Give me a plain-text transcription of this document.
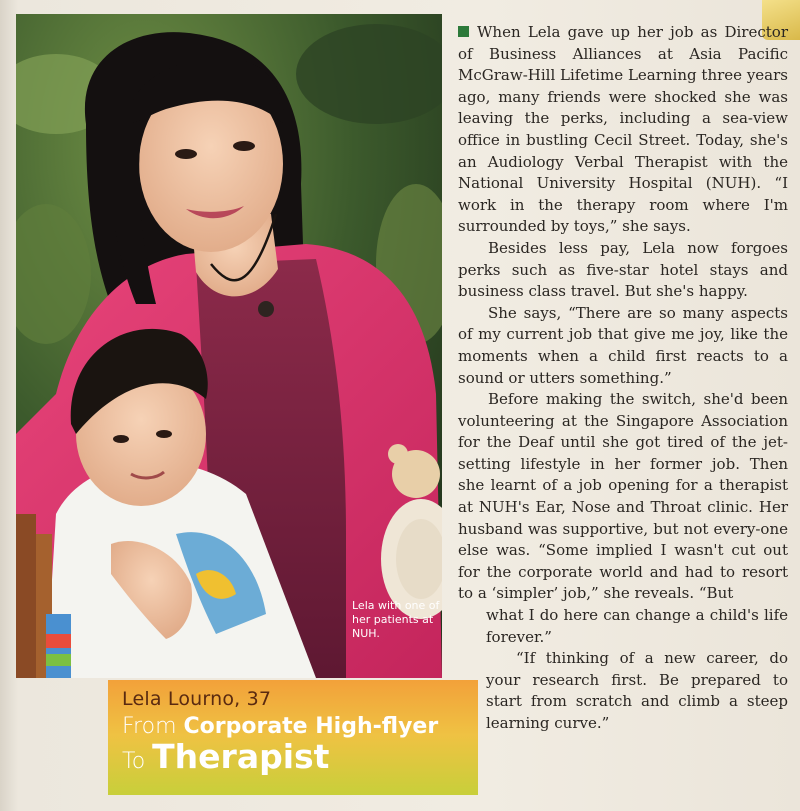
Lela with one of her patients at NUH.
Lela Lourno, 37
From Corporate High-flyer
To Therapist

When Lela gave up her job as Director of Business Alliances at Asia Pacific McGraw-Hill Lifetime Learning three years ago, many friends were shocked she was leaving the perks, including a sea-view office in bustling Cecil Street. Today, she's an Audiology Verbal Therapist with the National University Hospital (NUH). “I work in the therapy room where I'm surrounded by toys,” she says.

Besides less pay, Lela now forgoes perks such as five-star hotel stays and business class travel. But she's happy.

She says, “There are so many aspects of my current job that give me joy, like the moments when a child first reacts to a sound or utters something.”

Before making the switch, she'd been volunteering at the Singapore Association for the Deaf until she got tired of the jet-setting lifestyle in her former job. Then she learnt of a job opening for a therapist at NUH's Ear, Nose and Throat clinic. Her husband was supportive, but not every-one else was. “Some implied I wasn't cut out for the corporate world and had to resort to a ‘simpler’ job,” she reveals. “But

what I do here can change a child's life forever.”

“If thinking of a new career, do your research first. Be prepared to start from scratch and climb a steep learning curve.”
